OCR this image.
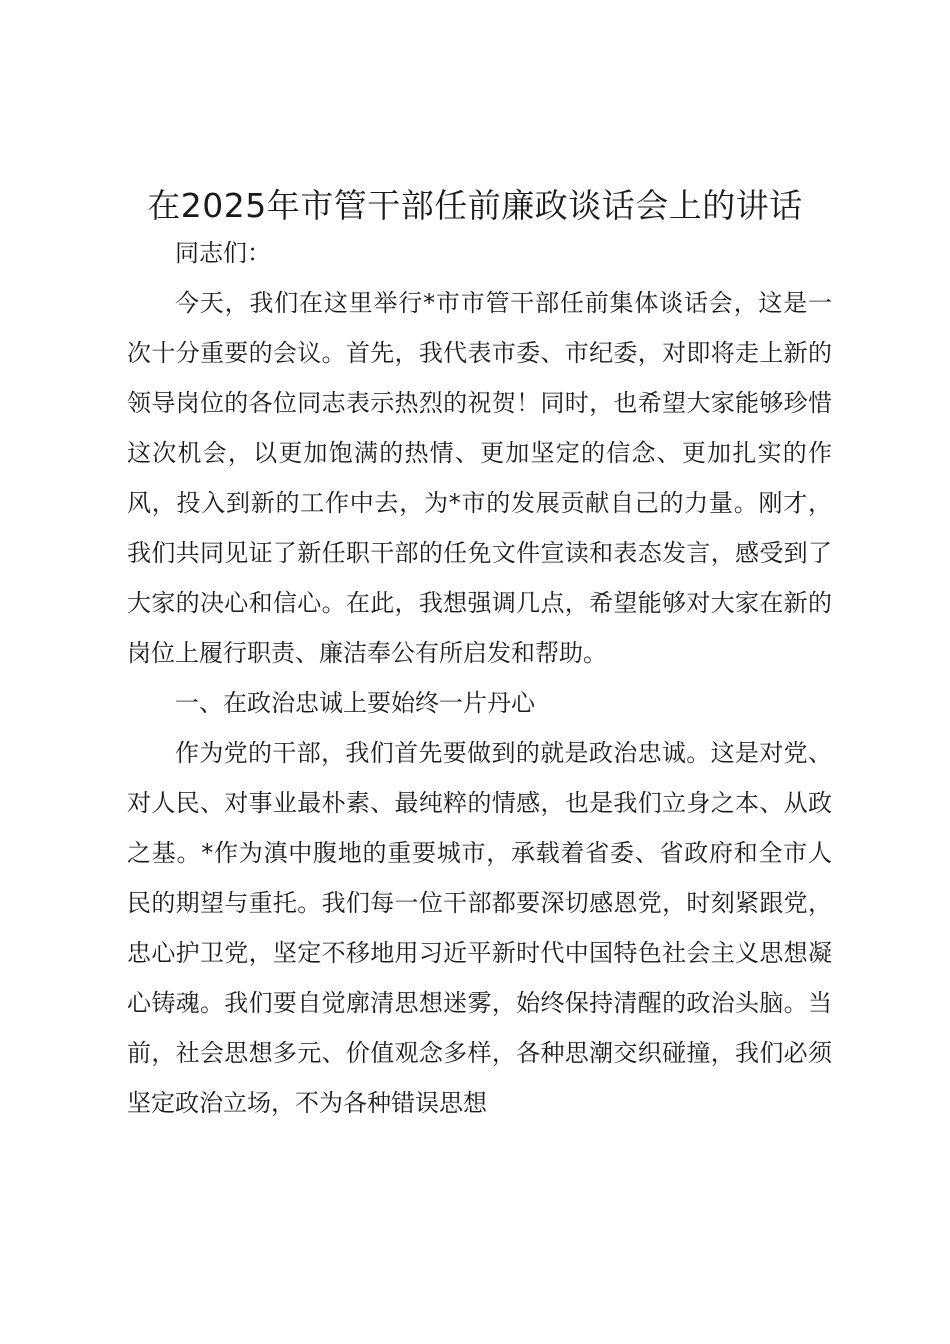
在2025年市管干部任前廉政谈话会上的讲话

同志们：

今天，我们在这里举行*市市管干部任前集体谈话会，这是一次十分重要的会议。首先，我代表市委、市纪委，对即将走上新的领导岗位的各位同志表示热烈的祝贺！同时，也希望大家能够珍惜这次机会，以更加饱满的热情、更加坚定的信念、更加扎实的作风，投入到新的工作中去，为*市的发展贡献自己的力量。刚才，我们共同见证了新任职干部的任免文件宣读和表态发言，感受到了大家的决心和信心。在此，我想强调几点，希望能够对大家在新的岗位上履行职责、廉洁奉公有所启发和帮助。

一、在政治忠诚上要始终一片丹心

作为党的干部，我们首先要做到的就是政治忠诚。这是对党、对人民、对事业最朴素、最纯粹的情感，也是我们立身之本、从政之基。*作为滇中腹地的重要城市，承载着省委、省政府和全市人民的期望与重托。我们每一位干部都要深切感恩党，时刻紧跟党，忠心护卫党，坚定不移地用习近平新时代中国特色社会主义思想凝心铸魂。我们要自觉廓清思想迷雾，始终保持清醒的政治头脑。当前，社会思想多元、价值观念多样，各种思潮交织碰撞，我们必须坚定政治立场，不为各种错误思想
